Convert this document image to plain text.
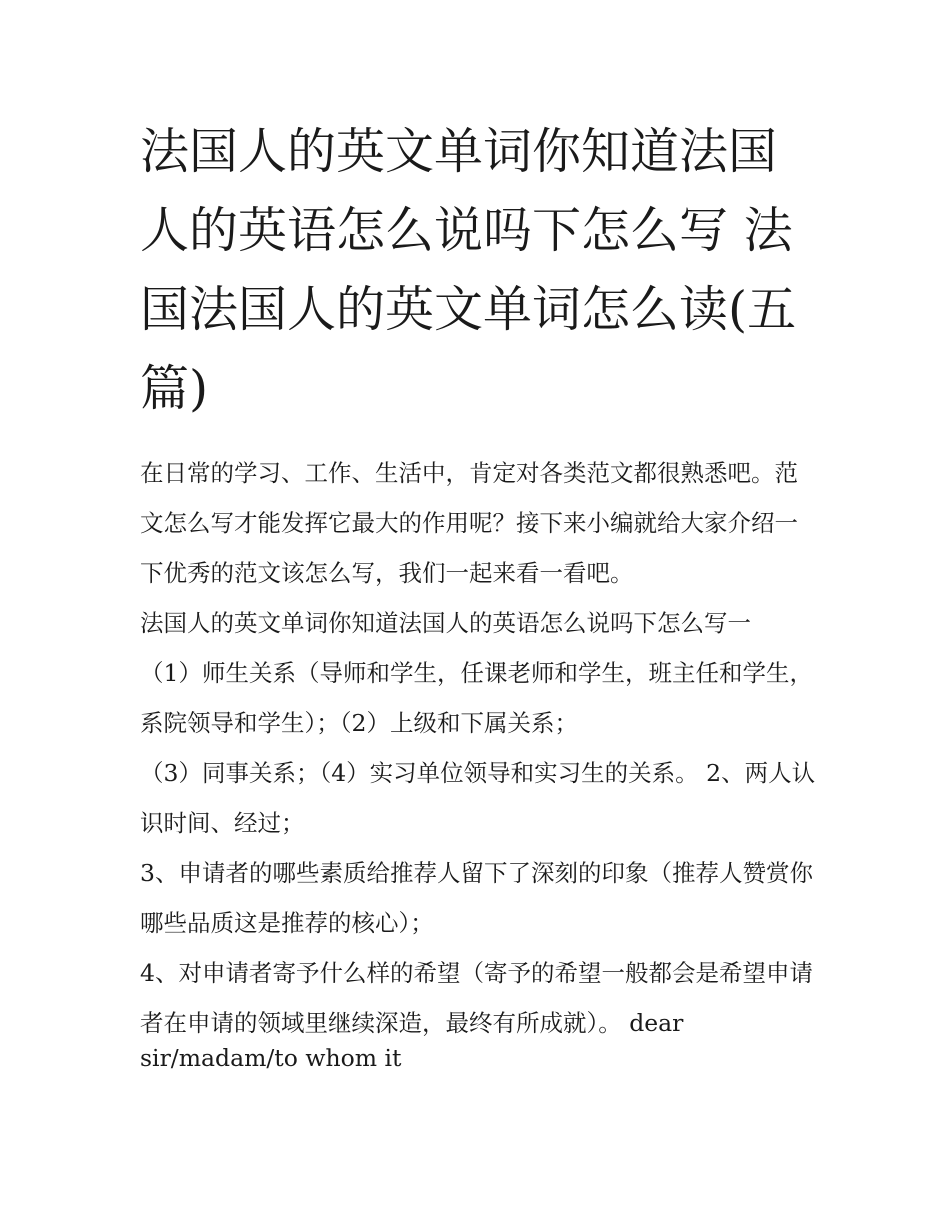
法国人的英文单词你知道法国人的英语怎么说吗下怎么写 法国法国人的英文单词怎么读(五篇)

在日常的学习、工作、生活中，肯定对各类范文都很熟悉吧。范文怎么写才能发挥它最大的作用呢？接下来小编就给大家介绍一下优秀的范文该怎么写，我们一起来看一看吧。

法国人的英文单词你知道法国人的英语怎么说吗下怎么写一

（1）师生关系（导师和学生，任课老师和学生，班主任和学生，系院领导和学生）；（2）上级和下属关系；

（3）同事关系；（4）实习单位领导和实习生的关系。 2、两人认识时间、经过；

3、申请者的哪些素质给推荐人留下了深刻的印象（推荐人赞赏你哪些品质这是推荐的核心）；

4、对申请者寄予什么样的希望（寄予的希望一般都会是希望申请者在申请的领域里继续深造，最终有所成就）。 dear

sir/madam/to whom it
